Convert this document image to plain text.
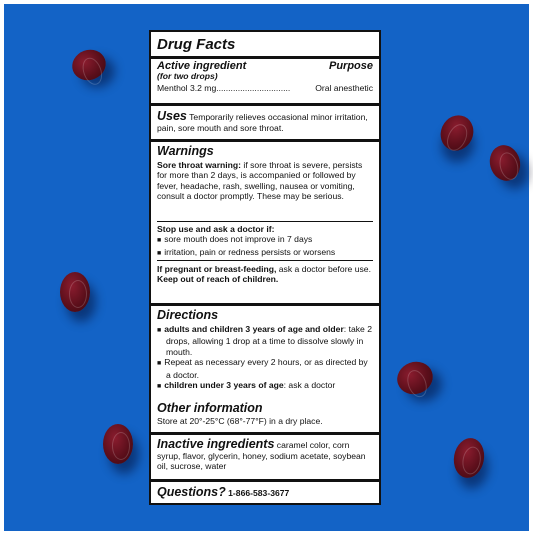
Drug Facts
Active ingredient	Purpose
(for two drops)
Menthol 3.2 mg ...............................	Oral anesthetic
Uses Temporarily relieves occasional minor irritation, pain, sore mouth and sore throat.
Warnings
Sore throat warning: if sore throat is severe, persists for more than 2 days, is accompanied or followed by fever, headache, rash, swelling, nausea or vomiting, consult a doctor promptly. These may be serious.
Stop use and ask a doctor if:
■ sore mouth does not improve in 7 days
■ irritation, pain or redness persists or worsens
If pregnant or breast-feeding, ask a doctor before use.
Keep out of reach of children.
Directions
■ adults and children 3 years of age and older: take 2 drops, allowing 1 drop at a time to dissolve slowly in mouth.
■ Repeat as necessary every 2 hours, or as directed by a doctor.
■ children under 3 years of age: ask a doctor
Other information
Store at 20°-25°C (68°-77°F) in a dry place.
Inactive ingredients caramel color, corn syrup, flavor, glycerin, honey, sodium acetate, soybean oil, sucrose, water
Questions? 1-866-583-3677
